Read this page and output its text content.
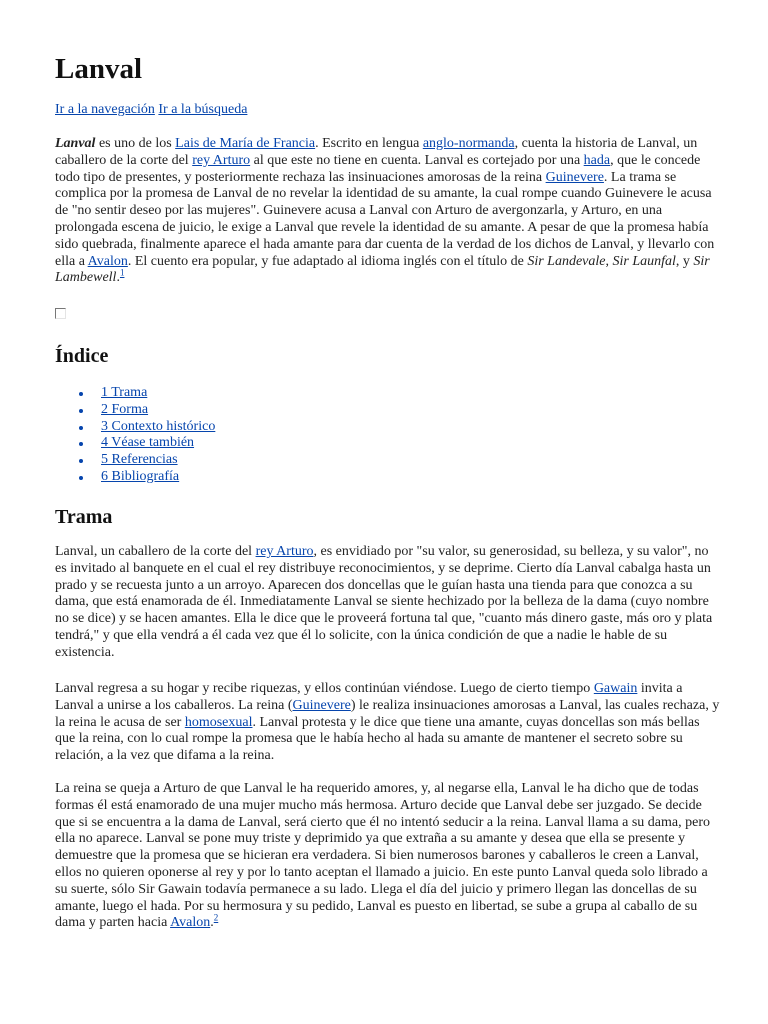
Lanval
Ir a la navegación Ir a la búsqueda

Lanval es uno de los Lais de María de Francia. Escrito en lengua anglo-normanda, cuenta la historia de Lanval, un caballero de la corte del rey Arturo al que este no tiene en cuenta. Lanval es cortejado por una hada, que le concede todo tipo de presentes, y posteriormente rechaza las insinuaciones amorosas de la reina Guinevere. La trama se complica por la promesa de Lanval de no revelar la identidad de su amante, la cual rompe cuando Guinevere le acusa de "no sentir deseo por las mujeres". Guinevere acusa a Lanval con Arturo de avergonzarla, y Arturo, en una prolongada escena de juicio, le exige a Lanval que revele la identidad de su amante. A pesar de que la promesa había sido quebrada, finalmente aparece el hada amante para dar cuenta de la verdad de los dichos de Lanval, y llevarlo con ella a Avalon. El cuento era popular, y fue adaptado al idioma inglés con el título de Sir Landevale, Sir Launfal, y Sir Lambewell.$^1$

Índice
1 Trama
2 Forma
3 Contexto histórico
4 Véase también
5 Referencias
6 Bibliografía
Trama

Lanval, un caballero de la corte del rey Arturo, es envidiado por "su valor, su generosidad, su belleza, y su valor", no es invitado al banquete en el cual el rey distribuye reconocimientos, y se deprime. Cierto día Lanval cabalga hasta un prado y se recuesta junto a un arroyo. Aparecen dos doncellas que le guían hasta una tienda para que conozca a su dama, que está enamorada de él. Inmediatamente Lanval se siente hechizado por la belleza de la dama (cuyo nombre no se dice) y se hacen amantes. Ella le dice que le proveerá fortuna tal que, "cuanto más dinero gaste, más oro y plata tendrá," y que ella vendrá a él cada vez que él lo solicite, con la única condición de que a nadie le hable de su existencia.

Lanval regresa a su hogar y recibe riquezas, y ellos continúan viéndose. Luego de cierto tiempo Gawain invita a Lanval a unirse a los caballeros. La reina (Guinevere) le realiza insinuaciones amorosas a Lanval, las cuales rechaza, y la reina le acusa de ser homosexual. Lanval protesta y le dice que tiene una amante, cuyas doncellas son más bellas que la reina, con lo cual rompe la promesa que le había hecho al hada su amante de mantener el secreto sobre su relación, a la vez que difama a la reina.

La reina se queja a Arturo de que Lanval le ha requerido amores, y, al negarse ella, Lanval le ha dicho que de todas formas él está enamorado de una mujer mucho más hermosa. Arturo decide que Lanval debe ser juzgado. Se decide que si se encuentra a la dama de Lanval, será cierto que él no intentó seducir a la reina. Lanval llama a su dama, pero ella no aparece. Lanval se pone muy triste y deprimido ya que extraña a su amante y desea que ella se presente y demuestre que la promesa que se hicieran era verdadera. Si bien numerosos barones y caballeros le creen a Lanval, ellos no quieren oponerse al rey y por lo tanto aceptan el llamado a juicio. En este punto Lanval queda solo librado a su suerte, sólo Sir Gawain todavía permanece a su lado. Llega el día del juicio y primero llegan las doncellas de su amante, luego el hada. Por su hermosura y su pedido, Lanval es puesto en libertad, se sube a grupa al caballo de su dama y parten hacia Avalon.$^2$
